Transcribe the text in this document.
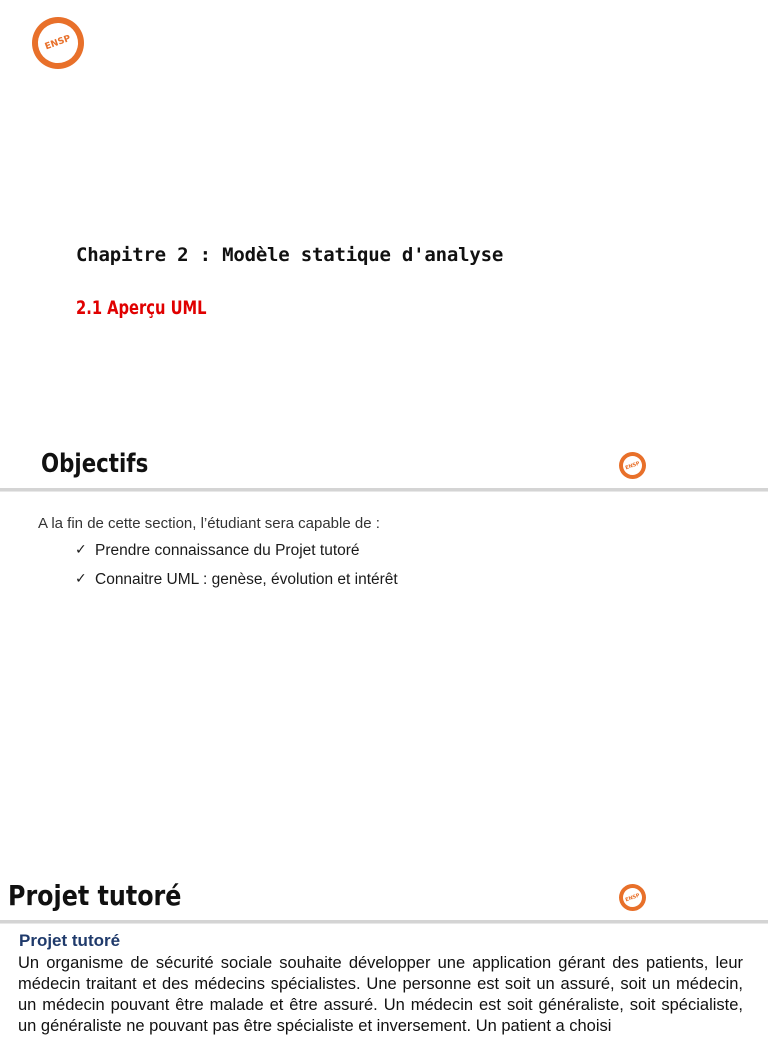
ENSP
Chapitre 2 : Modèle statique d'analyse
2.1 Aperçu UML
Objectifs	ENSP
A la fin de cette section, l’étudiant sera capable de :
✓ Prendre connaissance du Projet tutoré
✓ Connaitre UML : genèse, évolution et intérêt
Projet tutoré	ENSP
Projet tutoré

Un organisme de sécurité sociale souhaite développer une application gérant des patients, leur médecin traitant et des médecins spécialistes. Une personne est soit un assuré, soit un médecin, un médecin pouvant être malade et être assuré. Un médecin est soit généraliste, soit spécialiste, un généraliste ne pouvant pas être spécialiste et inversement. Un patient a choisi
